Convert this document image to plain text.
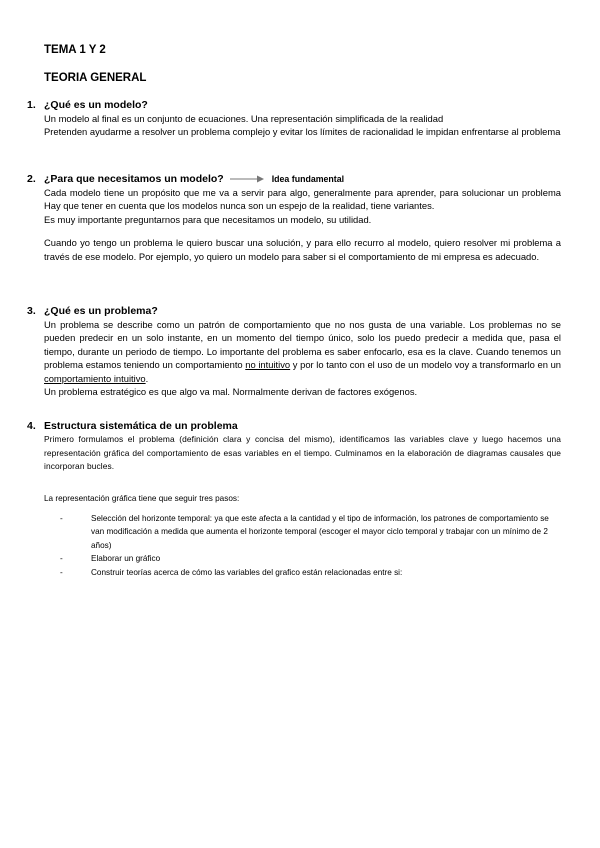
TEMA 1 Y 2
TEORIA GENERAL
1. ¿Qué es un modelo?

Un modelo al final es un conjunto de ecuaciones. Una representación simplificada de la realidad

Pretenden ayudarme a resolver un problema complejo y evitar los límites de racionalidad le impidan enfrentarse al problema

2. ¿Para que necesitamos un modelo?	Idea fundamental

Cada modelo tiene un propósito que me va a servir para algo, generalmente para aprender, para solucionar un problema Hay que tener en cuenta que los modelos nunca son un espejo de la realidad, tiene variantes.

Es muy importante preguntarnos para que necesitamos un modelo, su utilidad.

Cuando yo tengo un problema le quiero buscar una solución, y para ello recurro al modelo, quiero resolver mi problema a través de ese modelo. Por ejemplo, yo quiero un modelo para saber si el comportamiento de mi empresa es adecuado.

3. ¿Qué es un problema?

Un problema se describe como un patrón de comportamiento que no nos gusta de una variable. Los problemas no se pueden predecir en un solo instante, en un momento del tiempo único, solo los puedo predecir a medida que, pasa el tiempo, durante un periodo de tiempo. Lo importante del problema es saber enfocarlo, esa es la clave. Cuando tenemos un problema estamos teniendo un comportamiento no intuitivo y por lo tanto con el uso de un modelo voy a transformarlo en un comportamiento intuitivo.

Un problema estratégico es que algo va mal. Normalmente derivan de factores exógenos.

4. Estructura sistemática de un problema

Primero formulamos el problema (definición clara y concisa del mismo), identificamos las variables clave y luego hacemos una representación gráfica del comportamiento de esas variables en el tiempo. Culminamos en la elaboración de diagramas causales que incorporan bucles.

La representación gráfica tiene que seguir tres pasos:

-	Selección del horizonte temporal: ya que este afecta a la cantidad y el tipo de información, los patrones de comportamiento se van modificación a medida que aumenta el horizonte temporal (escoger el mayor ciclo temporal y trabajar con un mínimo de 2 años)
-	Elaborar un gráfico
-	Construir teorías acerca de cómo las variables del grafico están relacionadas entre si:
